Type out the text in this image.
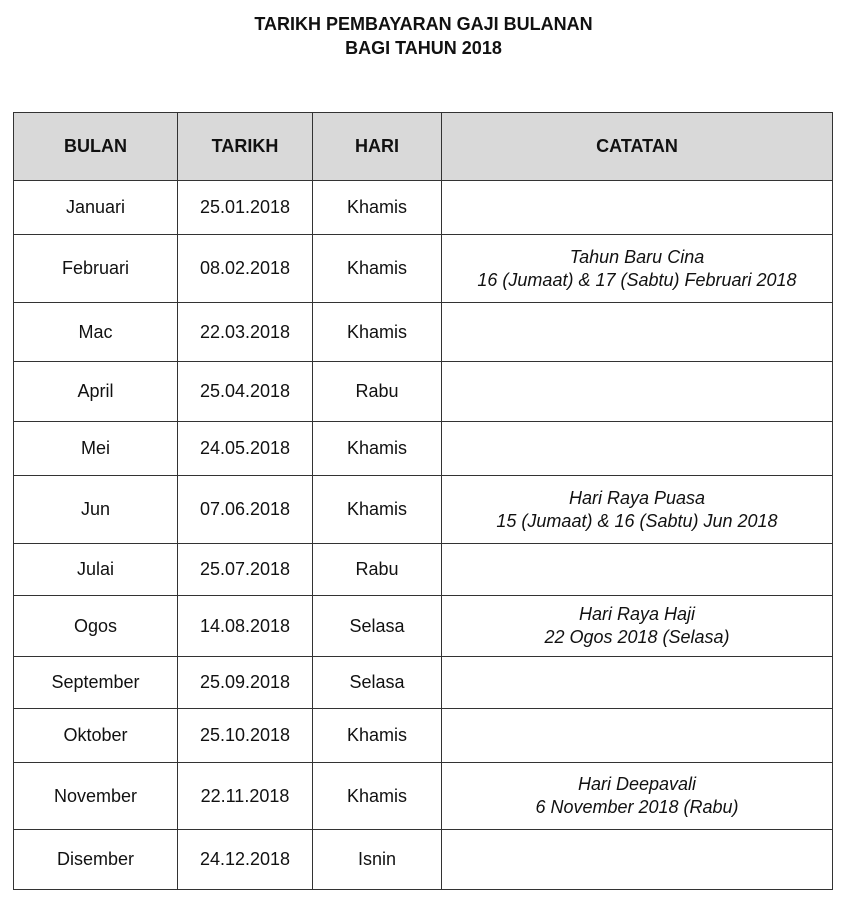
TARIKH PEMBAYARAN GAJI BULANAN
BAGI TAHUN 2018
BULAN	TARIKH	HARI	CATATAN
Januari	25.01.2018	Khamis	
Februari	08.02.2018	Khamis	Tahun Baru Cina
16 (Jumaat) & 17 (Sabtu) Februari 2018

Mac	22.03.2018	Khamis	
April	25.04.2018	Rabu	
Mei	24.05.2018	Khamis	
Jun	07.06.2018	Khamis	Hari Raya Puasa
15 (Jumaat) & 16 (Sabtu) Jun 2018

Julai	25.07.2018	Rabu	
Ogos	14.08.2018	Selasa	Hari Raya Haji
22 Ogos 2018 (Selasa)

September	25.09.2018	Selasa	
Oktober	25.10.2018	Khamis	
November	22.11.2018	Khamis	Hari Deepavali
6 November 2018 (Rabu)

Disember	24.12.2018	Isnin	
